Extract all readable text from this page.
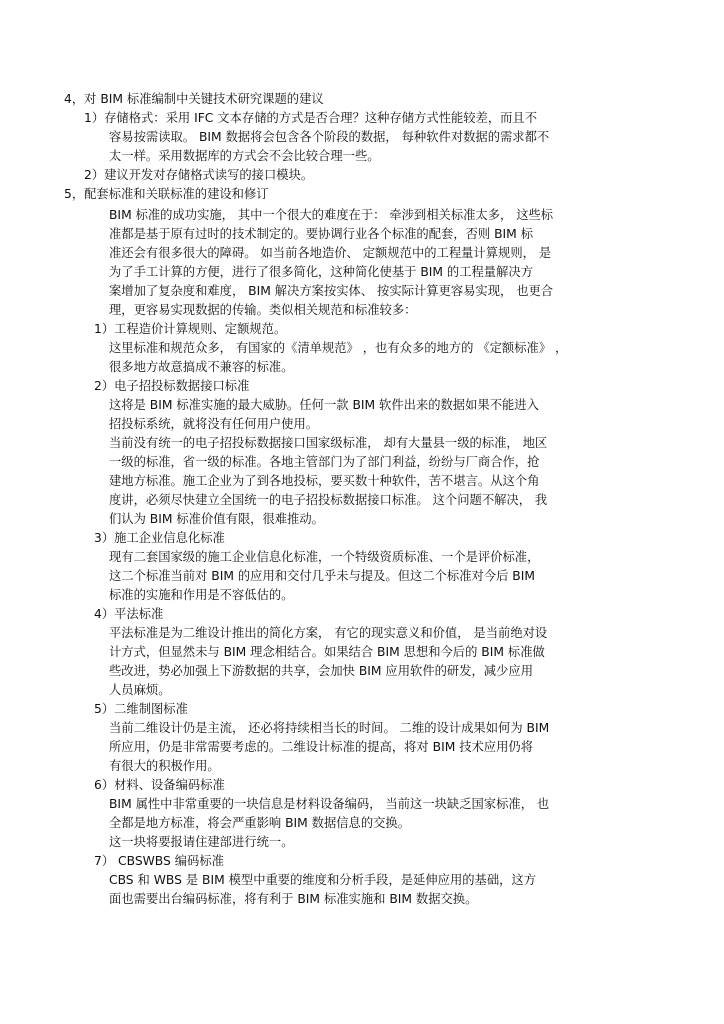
4，对 BIM 标准编制中关键技术研究课题的建议
1）存储格式：采用 IFC 文本存储的方式是否合理？这种存储方式性能较差，而且不
容易按需读取。 BIM 数据将会包含各个阶段的数据， 每种软件对数据的需求都不
太一样。采用数据库的方式会不会比较合理一些。
2）建议开发对存储格式读写的接口模块。
5，配套标准和关联标准的建设和修订
BIM 标准的成功实施， 其中一个很大的难度在于： 牵涉到相关标准太多， 这些标
准都是基于原有过时的技术制定的。要协调行业各个标准的配套，否则 BIM 标
准还会有很多很大的障碍。 如当前各地造价、 定额规范中的工程量计算规则， 是
为了手工计算的方便，进行了很多简化，这种简化使基于 BIM 的工程量解决方
案增加了复杂度和难度， BIM 解决方案按实体、 按实际计算更容易实现， 也更合
理，更容易实现数据的传输。类似相关规范和标准较多：
1）工程造价计算规则、定额规范。
这里标准和规范众多， 有国家的《清单规范》 ，也有众多的地方的 《定额标准》 ，
很多地方故意搞成不兼容的标准。
2）电子招投标数据接口标准
这将是 BIM 标准实施的最大威胁。任何一款 BIM 软件出来的数据如果不能进入
招投标系统，就将没有任何用户使用。
当前没有统一的电子招投标数据接口国家级标准， 却有大量县一级的标准， 地区
一级的标准，省一级的标准。各地主管部门为了部门利益，纷纷与厂商合作，抢
建地方标准。施工企业为了到各地投标，要买数十种软件，苦不堪言。从这个角
度讲，必须尽快建立全国统一的电子招投标数据接口标准。 这个问题不解决， 我
们认为 BIM 标准价值有限，很难推动。
3）施工企业信息化标准
现有二套国家级的施工企业信息化标准，一个特级资质标准、一个是评价标准，
这二个标准当前对 BIM 的应用和交付几乎未与提及。但这二个标准对今后 BIM
标准的实施和作用是不容低估的。
4）平法标准
平法标准是为二维设计推出的简化方案， 有它的现实意义和价值， 是当前绝对设
计方式，但显然未与 BIM 理念相结合。如果结合 BIM 思想和今后的 BIM 标准做
些改进，势必加强上下游数据的共享，会加快 BIM 应用软件的研发，减少应用
人员麻烦。
5）二维制图标准
当前二维设计仍是主流， 还必将持续相当长的时间。 二维的设计成果如何为 BIM
所应用，仍是非常需要考虑的。二维设计标准的提高，将对 BIM 技术应用仍将
有很大的积极作用。
6）材料、设备编码标准
BIM 属性中非常重要的一块信息是材料设备编码， 当前这一块缺乏国家标准， 也
全都是地方标准，将会严重影响 BIM 数据信息的交换。
这一块将要报请住建部进行统一。
7） CBSWBS 编码标准
CBS 和 WBS 是 BIM 模型中重要的维度和分析手段，是延伸应用的基础，这方
面也需要出台编码标准，将有利于 BIM 标准实施和 BIM 数据交换。
